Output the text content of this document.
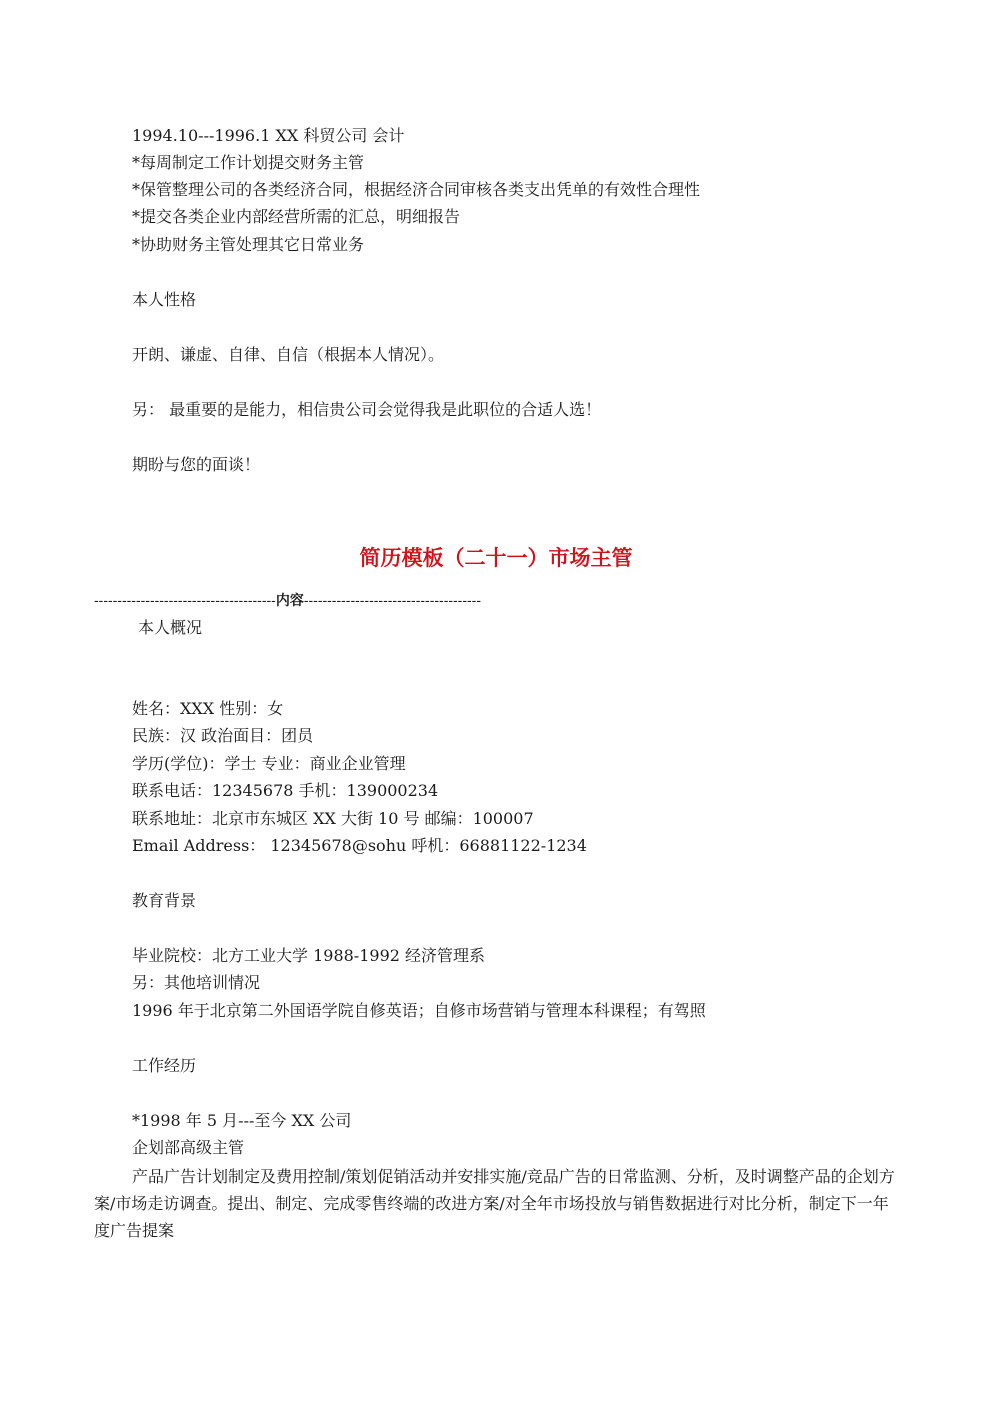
1994.10---1996.1 XX 科贸公司 会计
*每周制定工作计划提交财务主管
*保管整理公司的各类经济合同，根据经济合同审核各类支出凭单的有效性合理性
*提交各类企业内部经营所需的汇总，明细报告
*协助财务主管处理其它日常业务
本人性格
开朗、谦虚、自律、自信（根据本人情况）。
另： 最重要的是能力，相信贵公司会觉得我是此职位的合适人选！
期盼与您的面谈！
简历模板（二十一）市场主管
---------------------------------------内容--------------------------------------
本人概况
姓名：XXX 性别：女
民族：汉 政治面目：团员
学历(学位)：学士 专业：商业企业管理
联系电话：12345678 手机：139000234
联系地址：北京市东城区 XX 大街 10 号 邮编：100007
Email Address： 12345678@sohu 呼机：66881122-1234
教育背景
毕业院校：北方工业大学 1988-1992 经济管理系
另：其他培训情况
1996 年于北京第二外国语学院自修英语；自修市场营销与管理本科课程；有驾照
工作经历
*1998 年 5 月---至今 XX 公司
企划部高级主管
产品广告计划制定及费用控制/策划促销活动并安排实施/竞品广告的日常监测、分析，及时调整产品的企划方案/市场走访调查。提出、制定、完成零售终端的改进方案/对全年市场投放与销售数据进行对比分析，制定下一年度广告提案
